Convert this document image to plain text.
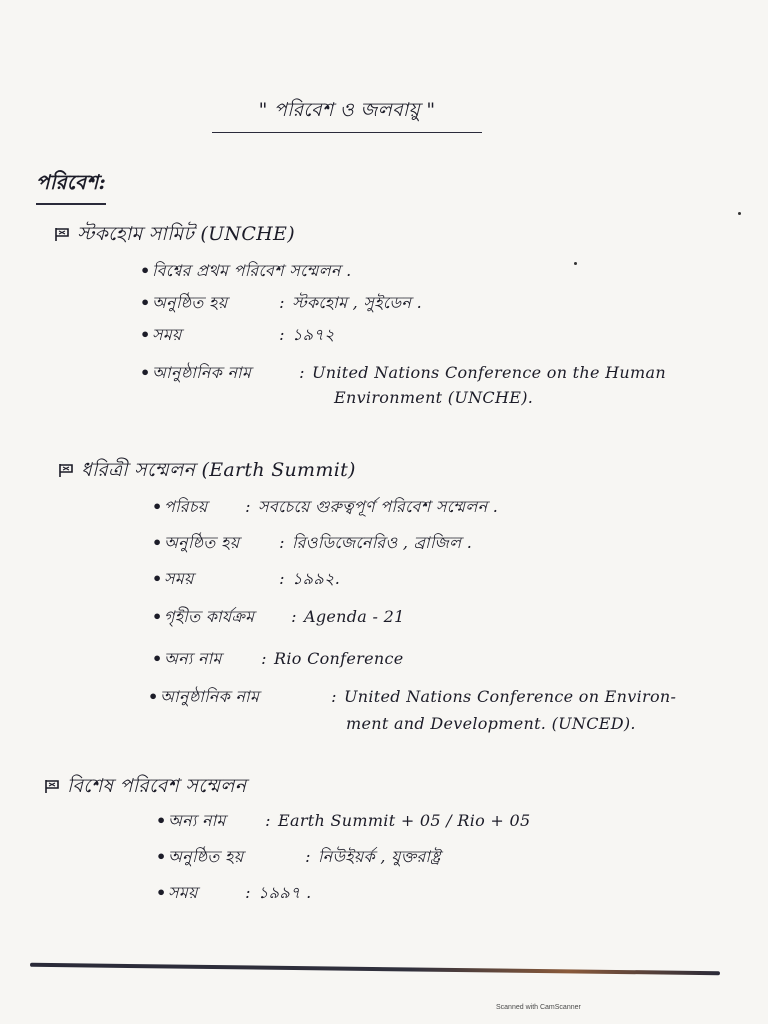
" পরিবেশ ও জলবায়ু "
পরিবেশ:
স্টকহোম সামিট (UNCHE)
•বিশ্বের প্রথম পরিবেশ সম্মেলন .
•অনুষ্ঠিত হয়	: স্টকহোম , সুইডেন .
•সময়	: ১৯৭২
•আনুষ্ঠানিক নাম	: United Nations Conference on the Human
Environment (UNCHE).
ধরিত্রী সম্মেলন (Earth Summit)
•পরিচয় : সবচেয়ে গুরুত্বপূর্ণ পরিবেশ সম্মেলন .
•অনুষ্ঠিত হয় : রিওডিজেনেরিও , ব্রাজিল .
•সময়	: ১৯৯২.
•গৃহীত কার্যক্রম : Agenda - 21
•অন্য নাম : Rio Conference
•আনুষ্ঠানিক নাম	: United Nations Conference on Environ-
ment and Development. (UNCED).
বিশেষ পরিবেশ সম্মেলন
•অন্য নাম : Earth Summit + 05 / Rio + 05
•অনুষ্ঠিত হয়	: নিউইয়র্ক , যুক্তরাষ্ট্র
•সময়	: ১৯৯৭ .
Scanned with CamScanner
